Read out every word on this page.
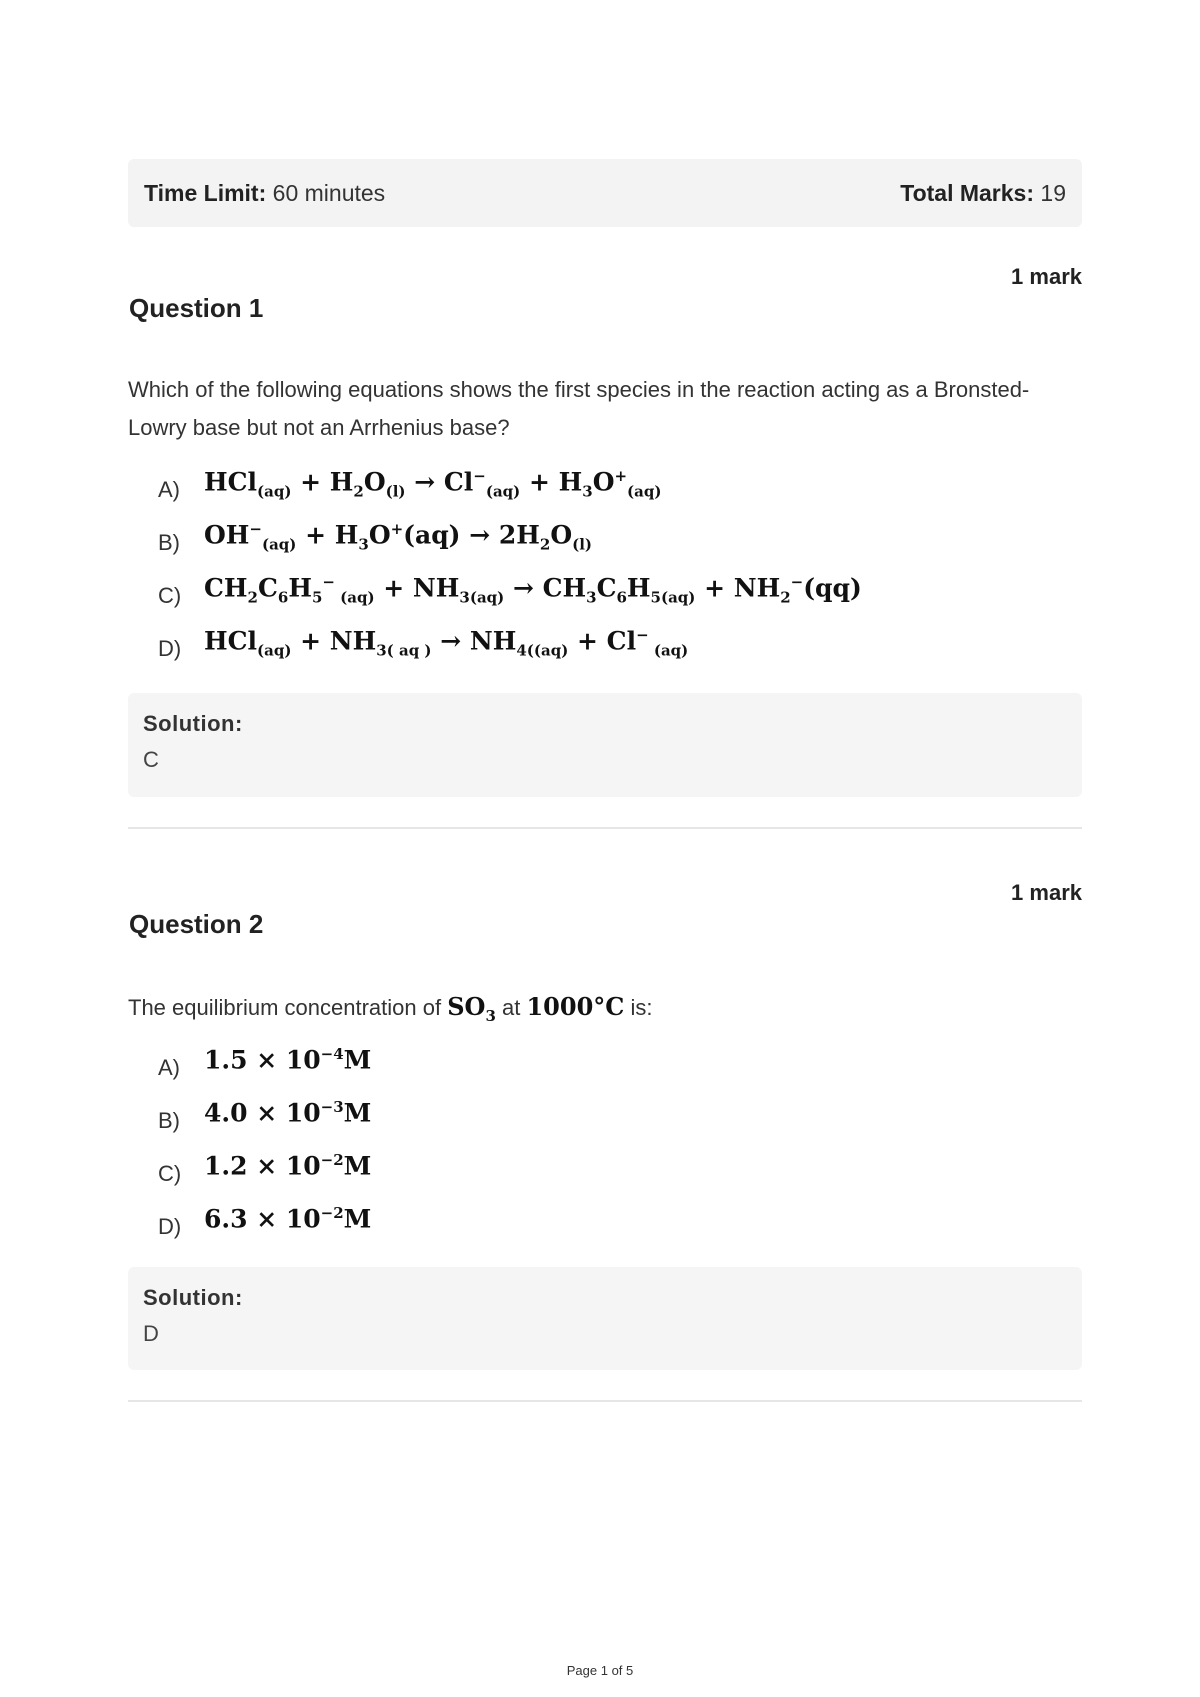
Time Limit: 60 minutes	Total Marks: 19
1 mark
Question 1
Which of the following equations shows the first species in the reaction acting as a Bronsted-Lowry base but not an Arrhenius base?
A) $HCl_{(aq)} + H_2O_{(l)} \to Cl^-_{(aq)} + H_3O^+_{(aq)}$
B) $OH^-_{(aq)} + H_3O^+(aq) \to 2H_2O_{(l)}$
C) $CH_2C_6H_5^-$ $_{(aq)} + NH_{3(aq)} \to CH_3C_6H_{5(aq)} + NH_2^-(qq)$
D) $HCl_{(aq)} + NH_{3( aq )} \to NH_{4((aq)} + Cl^-$ $_{(aq)}$
Solution:
C
1 mark
Question 2
The equilibrium concentration of $SO_3$ at 1000°C is:
A) $1.5 \times 10^{-4}M$
B) $4.0 \times 10^{-3}M$
C) $1.2 \times 10^{-2}M$
D) $6.3 \times 10^{-2}M$
Solution:
D
Page 1 of 5
